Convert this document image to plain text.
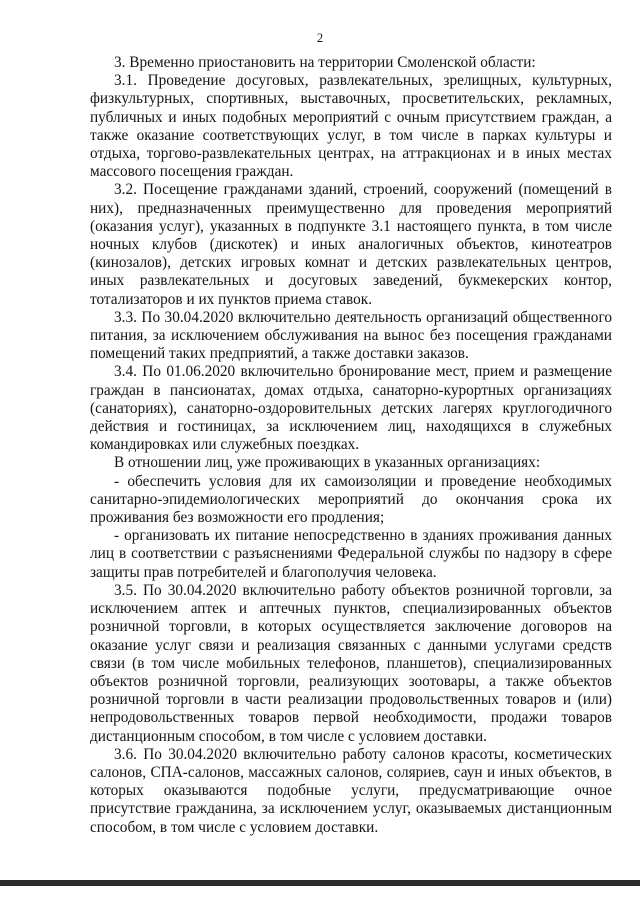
2

3. Временно приостановить на территории Смоленской области:

3.1. Проведение досуговых, развлекательных, зрелищных, культурных, физкультурных, спортивных, выставочных, просветительских, рекламных, публичных и иных подобных мероприятий с очным присутствием граждан, а также оказание соответствующих услуг, в том числе в парках культуры и отдыха, торгово-развлекательных центрах, на аттракционах и в иных местах массового посещения граждан.

3.2. Посещение гражданами зданий, строений, сооружений (помещений в них), предназначенных преимущественно для проведения мероприятий (оказания услуг), указанных в подпункте 3.1 настоящего пункта, в том числе ночных клубов (дискотек) и иных аналогичных объектов, кинотеатров (кинозалов), детских игровых комнат и детских развлекательных центров, иных развлекательных и досуговых заведений, букмекерских контор, тотализаторов и их пунктов приема ставок.

3.3. По 30.04.2020 включительно деятельность организаций общественного питания, за исключением обслуживания на вынос без посещения гражданами помещений таких предприятий, а также доставки заказов.

3.4. По 01.06.2020 включительно бронирование мест, прием и размещение граждан в пансионатах, домах отдыха, санаторно-курортных организациях (санаториях), санаторно-оздоровительных детских лагерях круглогодичного действия и гостиницах, за исключением лиц, находящихся в служебных командировках или служебных поездках.

В отношении лиц, уже проживающих в указанных организациях:

- обеспечить условия для их самоизоляции и проведение необходимых санитарно-эпидемиологических мероприятий до окончания срока их проживания без возможности его продления;

- организовать их питание непосредственно в зданиях проживания данных лиц в соответствии с разъяснениями Федеральной службы по надзору в сфере защиты прав потребителей и благополучия человека.

3.5. По 30.04.2020 включительно работу объектов розничной торговли, за исключением аптек и аптечных пунктов, специализированных объектов розничной торговли, в которых осуществляется заключение договоров на оказание услуг связи и реализация связанных с данными услугами средств связи (в том числе мобильных телефонов, планшетов), специализированных объектов розничной торговли, реализующих зоотовары, а также объектов розничной торговли в части реализации продовольственных товаров и (или) непродовольственных товаров первой необходимости, продажи товаров дистанционным способом, в том числе с условием доставки.

3.6. По 30.04.2020 включительно работу салонов красоты, косметических салонов, СПА-салонов, массажных салонов, соляриев, саун и иных объектов, в которых оказываются подобные услуги, предусматривающие очное присутствие гражданина, за исключением услуг, оказываемых дистанционным способом, в том числе с условием доставки.
